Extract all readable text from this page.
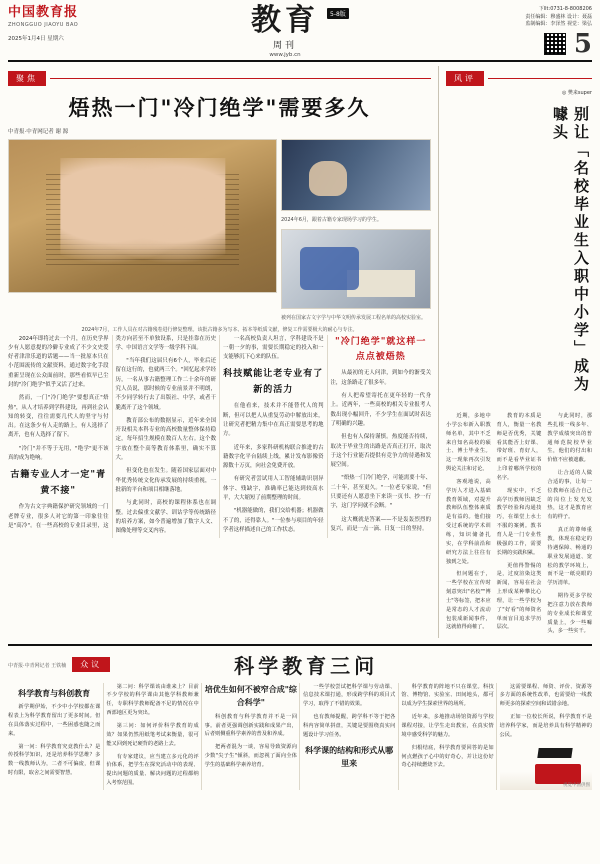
中国教育报
ZHONGGUO JIAOYU BAO
2025年1月4日 星期六
教育	5-8版
周刊
www.jyb.cn
下llt:0731-8-8008206
责任编辑：穆盛林 设计：聂磊
监制编辑：李泽然 视觉：梁弘
5
聚焦
焐热一门"冷门绝学"需要多久
中青报·中青网记者 谢 源
2024年6月，跟着古籍专家现场学习的学生。
被列在国家古文字学与中华文明传承发展工程名单的高校实验室。
2024年7月，工作人员在对古籍残卷进行修复整理。该批古籍多为写本、拓本等纸质文献，修复工作需要极大的耐心与专注。

2024年即将过去一个月，在历史学界少有人愿意提的冷僻专业成了不少文史爱好者津津乐道的话题——当一批原本只在小范围流传的文献资料，通过数字化手段重新呈现在公众面前时，那些看似早已尘封的"冷门绝学"似乎又活了过来。

然而，一门"冷门绝学"要想真正"焐热"，从人才培养到学科建设，再到社会认知的转变，往往需要几代人的坚守与付出。在这条少有人走的路上，有人选择了离开，也有人选择了留下。

"冷门"并不等于无用，"绝学"更不该真的成为绝响。

古籍专业人才一定"青黄不接"

作为古文字典籍保护研究领域的一门老牌专业，很多人对它的第一印象往往是"高冷"。在一些高校的专业目录里，这类方向甚至不单独设系，只是挂靠在历史学、中国语言文学等一级学科下面。

"当年我们这届只有6个人，毕业后还留在这行的，也就两三个。"回忆起求学经历，一名从事古籍整理工作二十余年的研究人员说，那时候的专业前景并不明朗，不少同学转行去了出版社、中学，或者干脆离开了这个领域。

教育部公布的数据显示，近年来全国开设相关本科专业的高校数量整体保持稳定，每年招生规模在数百人左右。这个数字放在整个高等教育体系里，确实不算大。

但变化也在发生。随着国家层面对中华优秀传统文化传承发展的持续重视，一批新的平台和项目相继落地。

与此同时，高校的课程体系也在调整。过去偏重文献学、训诂学等传统路径的培养方案，如今普遍增加了数字人文、图像处理等交叉内容。

一名高校负责人坦言，学科建设不是一朝一夕的事，需要长期稳定的投入和一支能够沉下心来的队伍。

科技赋能让老专业有了新的活力

在他看来，技术并不能替代人的判断，但可以把人从重复劳动中解放出来，让研究者把精力集中在真正需要思考的地方。

近年来，多家科研机构联合推进的古籍数字化平台陆续上线，累计发布影像资源数十万页，向社会免费开放。

有研究者尝试用人工智能辅助识别异体字、残缺字，准确率已能达到较高水平，大大缩短了前期整理的时间。

"机器能做的，我们交给机器；机器做不了的，还得靠人。"一位参与项目的年轻学者这样描述自己的工作状态。

"冷门绝学"就这样一点点被焐热

从最初的无人问津，到如今的渐受关注，这条路走了很多年。

有人把希望寄托在更年轻的一代身上。近两年，一些高校的相关专业报考人数出现小幅回升，不少学生在面试时表达了明确的兴趣。

但也有人保持谨慎。热度能否持续，取决于毕业生的出路是否真正打开，取决于这个行业能否提供有竞争力的待遇和发展空间。

"焐热一门冷门绝学，可能需要十年、二十年，甚至更久。"一位老专家说，"但只要还有人愿意坐下来读一页书、抄一行字，这门学问就不会断。"

这大概就是答案——不是轰轰烈烈的复兴，而是一点一滴、日复一日的坚持。

风评
◎ 樊来super
别让「名校毕业生入职中小学」成为噱头

近期，多地中小学公布新入职教师名单，其中不乏来自知名高校的硕士、博士毕业生。这一现象再次引发舆论关注和讨论。

客观地说，高学历人才进入基础教育领域，对提升教师队伍整体素质是有益的。他们接受过系统的学术训练，知识储备扎实，在学科前沿和研究方法上往往有独到之处。

但问题在于，一些学校在宣传时刻意突出"名校""博士"等标签，把本应是常态的人才流动包装成新闻事件，这就值得商榷了。

教育的本质是育人，衡量一名教师是否优秀，关键看其能否上好课、带好班、育好人，而不是看毕业证书上印着哪所学校的名字。

现实中，不乏高学历教师因缺乏教学经验和沟通技巧，在课堂上水土不服的案例。教书育人是一门专业性极强的工作，需要长期的实践积累。

更值得警惕的是，过度渲染这类新闻，容易在社会上形成某种攀比心理，让一些学校为了"好看"的师资名单而盲目追求学历层次。

与此同时，那些扎根一线多年、教学成绩突出的普通师范院校毕业生，他们的付出和价值不应被遮蔽。

让合适的人做合适的事，让每一位教师在适合自己的岗位上发光发热，这才是教育应有的样子。

真正的尊师重教，体现在稳定的待遇保障、畅通的职业发展通道、宽松的教学环境上，而不是一纸亮眼的学历清单。

期待更多学校把注意力放在教师的专业成长和课堂质量上，少一些噱头，多一些实干。

中青报·中青网记者 王铁楠	众议	科学教育三问
科学教育与科创教育

新学期伊始，不少中小学校都在课程表上为科学教育留出了更多时间。但在具体落实过程中，一些困惑也随之而来。

第一问：科学教育究竟教什么？是传授科学知识，还是培养科学思维？多数一线教师认为，二者不可偏废，但课时有限，取舍之间需要智慧。

第二问：科学课该由谁来上？目前不少学校的科学课由其他学科教师兼任，专职科学教师配备不足的情况在中西部地区更为突出。

第三问：如何评价科学教育的成效？如果仍然用纸笔考试来衡量，很可能又回到死记硬背的老路上去。

有专家建议，应当建立多元化的评价体系，把学生在探究活动中的表现、提出问题的质量、解决问题的过程都纳入考察范围。

培优生如何不被窄合成"综合科学"

科创教育与科学教育并不是一回事。前者更强调创新实践和成果产出，后者则侧重科学素养的普及和养成。

把两者混为一谈，容易导致资源向少数"尖子生"倾斜，而忽视了面向全体学生的基础科学素养培育。

一些学校尝试把科学课与劳动课、信息技术课打通，形成跨学科的项目式学习，取得了不错的效果。

也有教师提醒，跨学科不等于把各科内容简单拼盘，关键是要围绕真实问题设计学习任务。

科学课的结构和形式从哪里来

科学教育的阵地不只在课堂。科技馆、博物馆、实验室、田间地头，都可以成为学生探索世界的场所。

近年来，多地推动场馆资源与学校课程对接，让学生走出教室，在真实情境中感受科学的魅力。

归根结底，科学教育要回答的是如何点燃孩子心中的好奇心，并让这份好奇心持续燃烧下去。

这需要课程、师资、评价、资源等多方面的系统性改革，也需要给一线教师更多的探索空间和试错余地。

正如一位校长所说，科学教育不是培养科学家，而是培养具有科学精神的公民。

视觉中国供图
